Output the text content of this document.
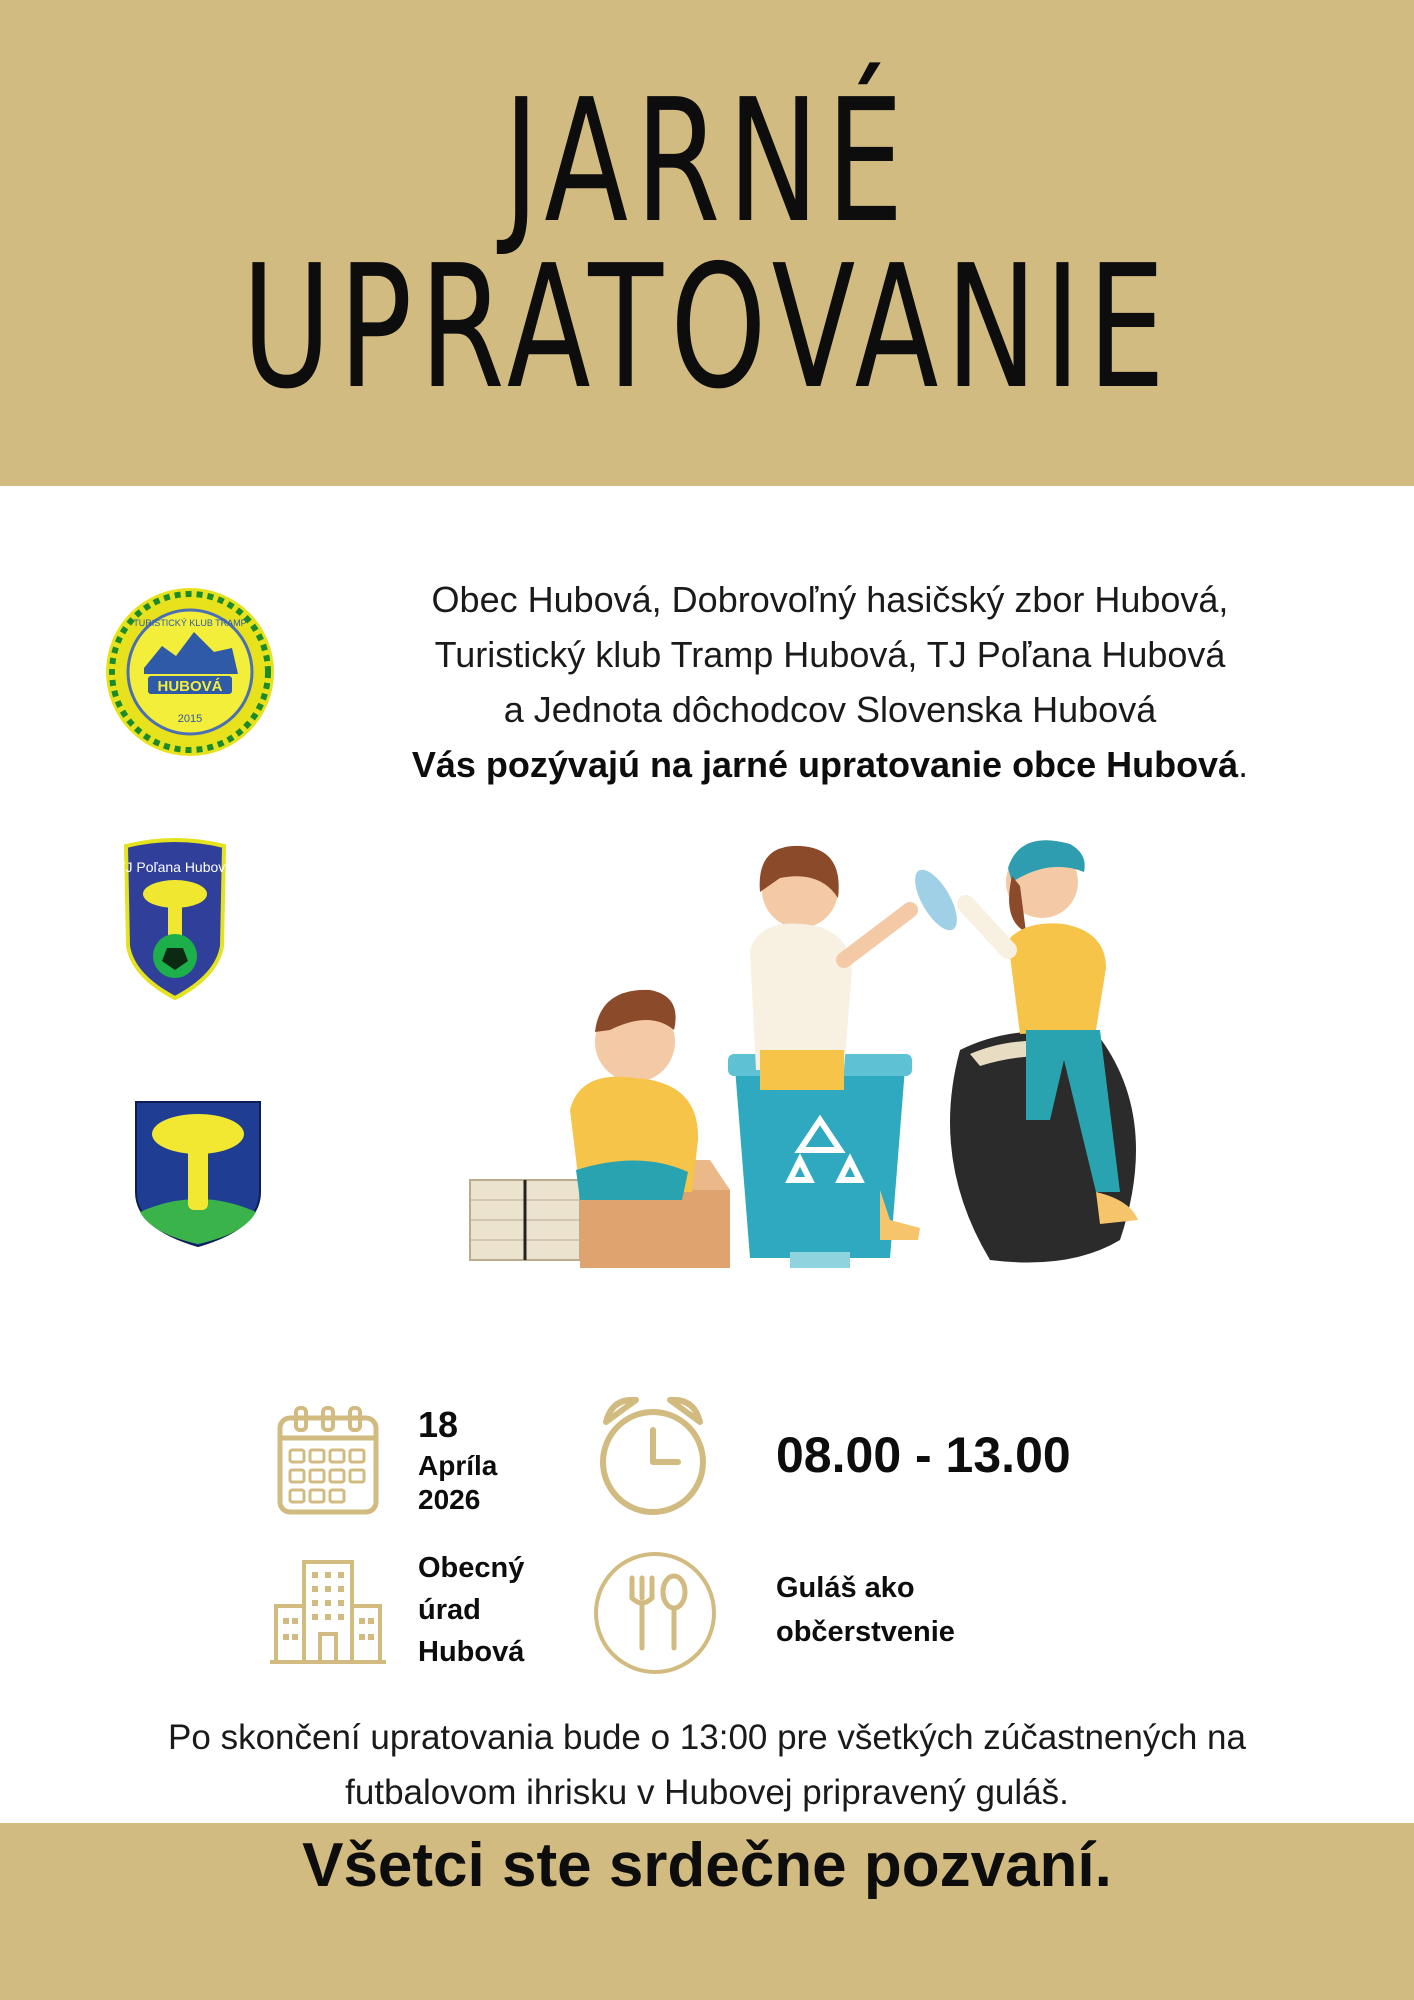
JARNÉ
UPRATOVANIE
HUBOVÁ
2015
TURISTICKÝ KLUB TRAMP
TJ Poľana Hubová
Obec Hubová, Dobrovoľný hasičský zbor Hubová,
Turistický klub Tramp Hubová, TJ Poľana Hubová
a Jednota dôchodcov Slovenska Hubová
Vás pozývajú na jarné upratovanie obce Hubová.
18
Apríla
2026
08.00 - 13.00
Obecný
úrad
Hubová
Guláš ako
občerstvenie
Po skončení upratovania bude o 13:00 pre všetkých zúčastnených na
futbalovom ihrisku v Hubovej pripravený guláš.
Všetci ste srdečne pozvaní.
